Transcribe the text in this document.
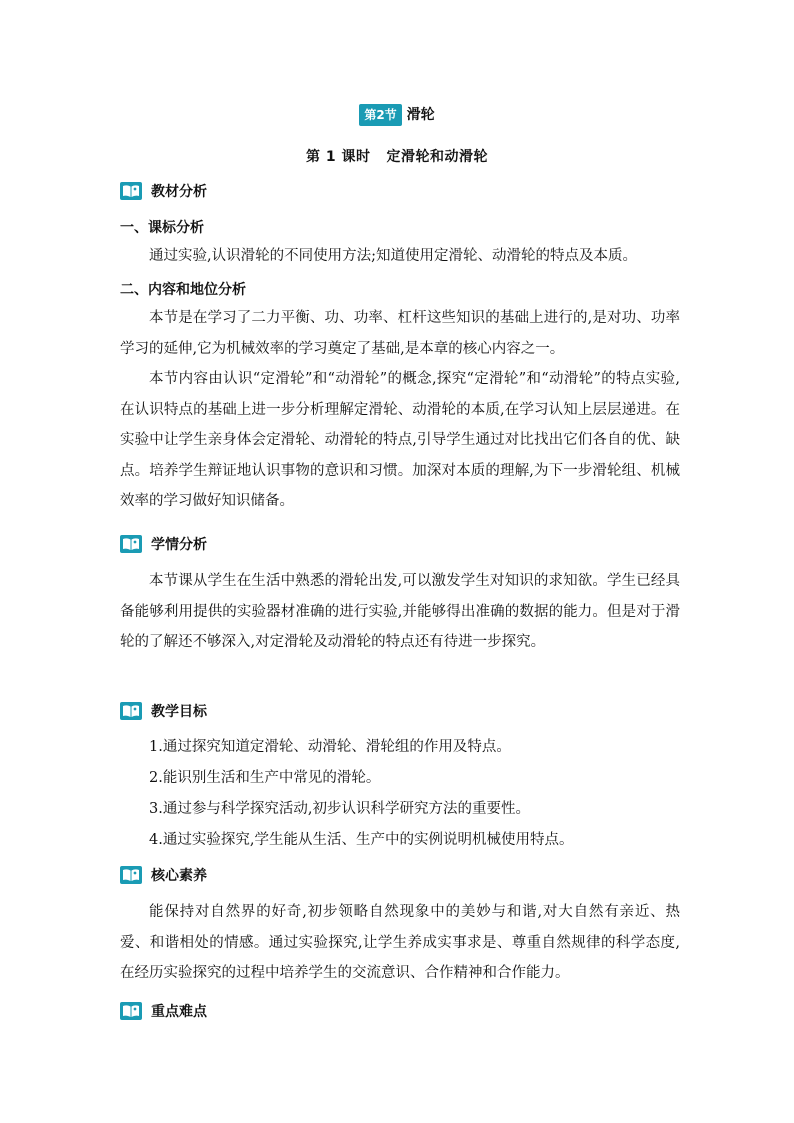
第2节 滑轮
第 1 课时 定滑轮和动滑轮
教材分析
一、课标分析

通过实验,认识滑轮的不同使用方法;知道使用定滑轮、动滑轮的特点及本质。

二、内容和地位分析

本节是在学习了二力平衡、功、功率、杠杆这些知识的基础上进行的,是对功、功率学习的延伸,它为机械效率的学习奠定了基础,是本章的核心内容之一。

本节内容由认识“定滑轮”和“动滑轮”的概念,探究“定滑轮”和“动滑轮”的特点实验,在认识特点的基础上进一步分析理解定滑轮、动滑轮的本质,在学习认知上层层递进。在实验中让学生亲身体会定滑轮、动滑轮的特点,引导学生通过对比找出它们各自的优、缺点。培养学生辩证地认识事物的意识和习惯。加深对本质的理解,为下一步滑轮组、机械效率的学习做好知识储备。

学情分析

本节课从学生在生活中熟悉的滑轮出发,可以激发学生对知识的求知欲。学生已经具备能够利用提供的实验器材准确的进行实验,并能够得出准确的数据的能力。但是对于滑轮的了解还不够深入,对定滑轮及动滑轮的特点还有待进一步探究。

教学目标
1.通过探究知道定滑轮、动滑轮、滑轮组的作用及特点。
2.能识别生活和生产中常见的滑轮。
3.通过参与科学探究活动,初步认识科学研究方法的重要性。
4.通过实验探究,学生能从生活、生产中的实例说明机械使用特点。
核心素养

能保持对自然界的好奇,初步领略自然现象中的美妙与和谐,对大自然有亲近、热爱、和谐相处的情感。通过实验探究,让学生养成实事求是、尊重自然规律的科学态度,在经历实验探究的过程中培养学生的交流意识、合作精神和合作能力。

重点难点
